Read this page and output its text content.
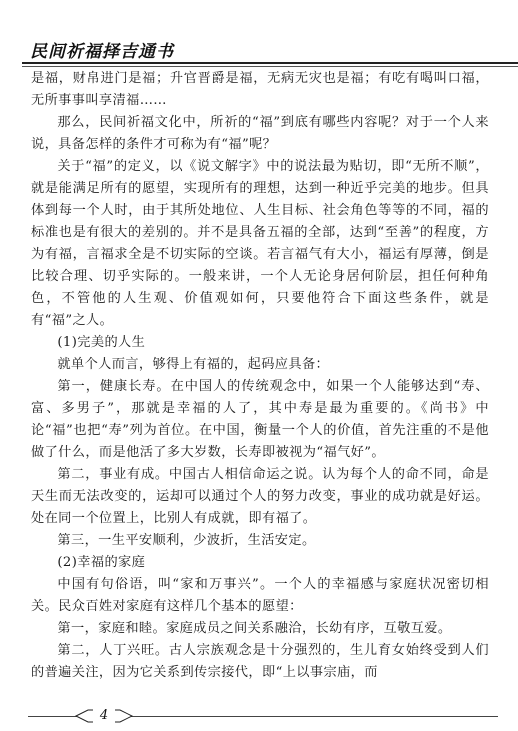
民间祈福择吉通书

是福，财帛进门是福；升官晋爵是福，无病无灾也是福；有吃有喝叫口福，无所事事叫享清福……

那么，民间祈福文化中，所祈的“福”到底有哪些内容呢？对于一个人来说，具备怎样的条件才可称为有“福”呢？

关于“福”的定义，以《说文解字》中的说法最为贴切，即“无所不顺”，就是能满足所有的愿望，实现所有的理想，达到一种近乎完美的地步。但具体到每一个人时，由于其所处地位、人生目标、社会角色等等的不同，福的标准也是有很大的差别的。并不是具备五福的全部，达到“至善”的程度，方为有福，言福求全是不切实际的空谈。若言福气有大小，福运有厚薄，倒是比较合理、切乎实际的。一般来讲，一个人无论身居何阶层，担任何种角色，不管他的人生观、价值观如何，只要他符合下面这些条件，就是有“福”之人。

(1)完美的人生

就单个人而言，够得上有福的，起码应具备：

第一，健康长寿。在中国人的传统观念中，如果一个人能够达到“寿、富、多男子”，那就是幸福的人了，其中寿是最为重要的。《尚书》中论“福”也把“寿”列为首位。在中国，衡量一个人的价值，首先注重的不是他做了什么，而是他活了多大岁数，长寿即被视为“福气好”。

第二，事业有成。中国古人相信命运之说。认为每个人的命不同，命是天生而无法改变的，运却可以通过个人的努力改变，事业的成功就是好运。处在同一个位置上，比别人有成就，即有福了。

第三，一生平安顺利，少波折，生活安定。

(2)幸福的家庭

中国有句俗语，叫“家和万事兴”。一个人的幸福感与家庭状况密切相关。民众百姓对家庭有这样几个基本的愿望：

第一，家庭和睦。家庭成员之间关系融洽，长幼有序，互敬互爱。

第二，人丁兴旺。古人宗族观念是十分强烈的，生儿育女始终受到人们的普遍关注，因为它关系到传宗接代，即“上以事宗庙，而

4
